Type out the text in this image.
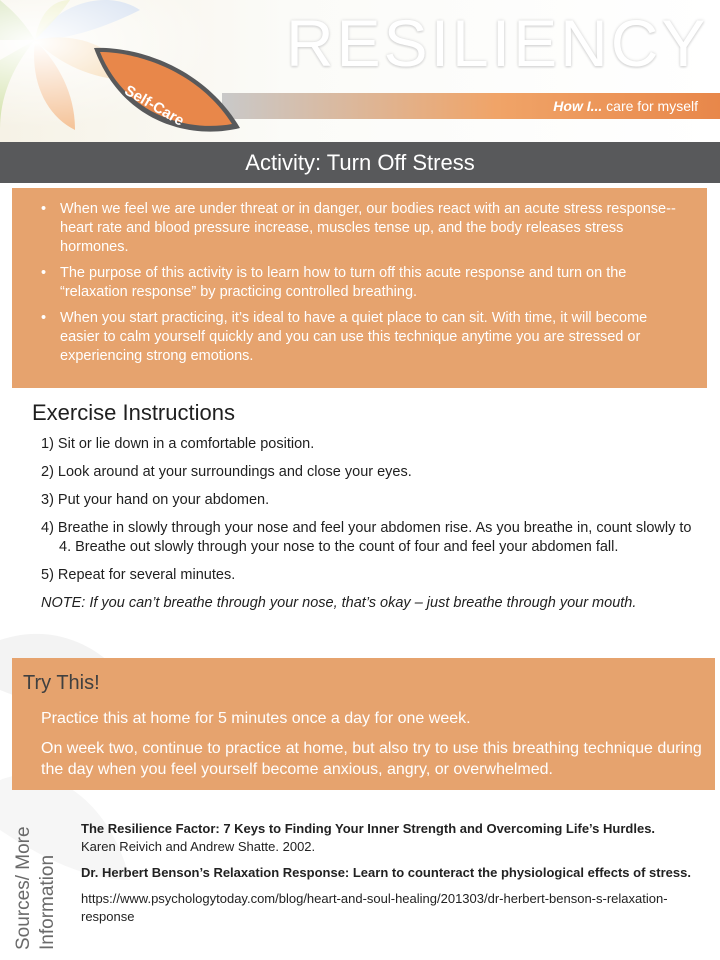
RESILIENCY
How I... care for myself
Self-Care
Activity: Turn Off Stress
• When we feel we are under threat or in danger, our bodies react with an acute stress response--heart rate and blood pressure increase, muscles tense up, and the body releases stress hormones.
• The purpose of this activity is to learn how to turn off this acute response and turn on the “relaxation response” by practicing controlled breathing.
• When you start practicing, it’s ideal to have a quiet place to can sit. With time, it will become easier to calm yourself quickly and you can use this technique anytime you are stressed or experiencing strong emotions.
Exercise Instructions
1) Sit or lie down in a comfortable position.
2) Look around at your surroundings and close your eyes.
3) Put your hand on your abdomen.
4) Breathe in slowly through your nose and feel your abdomen rise. As you breathe in, count slowly to 4. Breathe out slowly through your nose to the count of four and feel your abdomen fall.
5) Repeat for several minutes.
NOTE: If you can’t breathe through your nose, that’s okay – just breathe through your mouth.
Try This!
Practice this at home for 5 minutes once a day for one week.
On week two, continue to practice at home, but also try to use this breathing technique during the day when you feel yourself become anxious, angry, or overwhelmed.
Sources/ More Information
The Resilience Factor: 7 Keys to Finding Your Inner Strength and Overcoming Life’s Hurdles.
Karen Reivich and Andrew Shatte. 2002.
Dr. Herbert Benson’s Relaxation Response: Learn to counteract the physiological effects of stress.
https://www.psychologytoday.com/blog/heart-and-soul-healing/201303/dr-herbert-benson-s-relaxation-response
